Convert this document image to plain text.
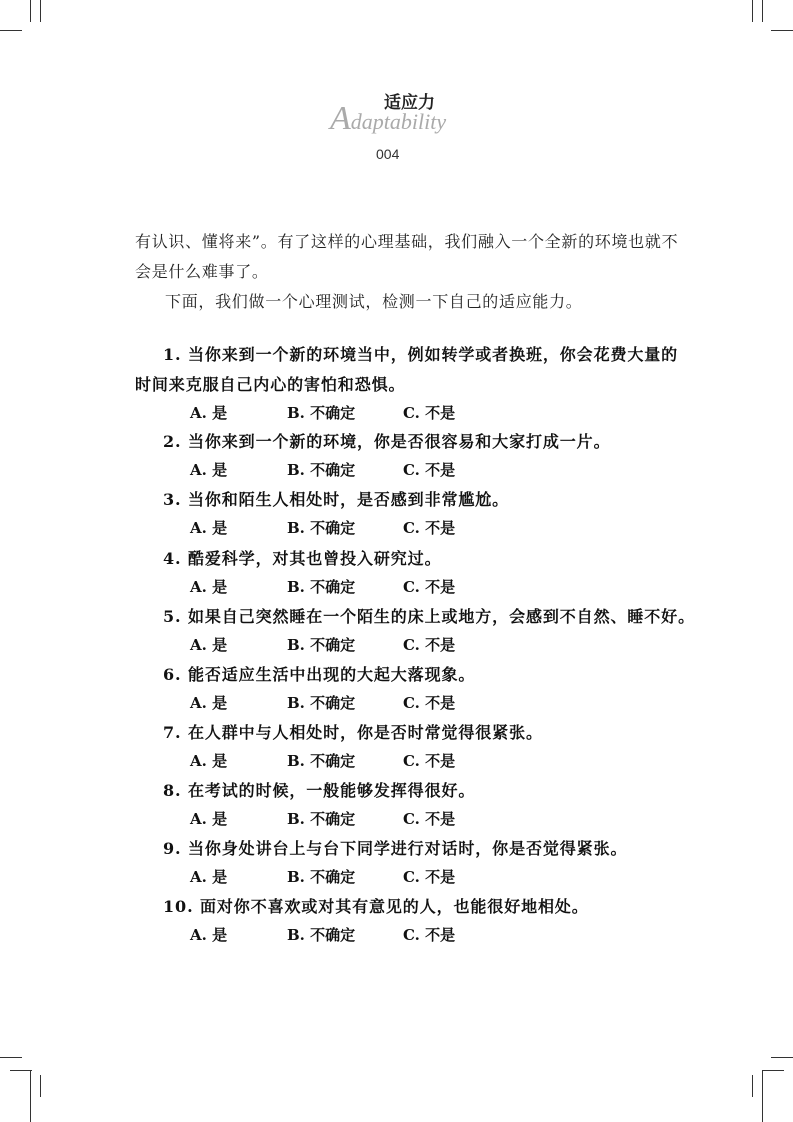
Adaptability
适应力
004
有认识、懂将来”。有了这样的心理基础，我们融入一个全新的环境也就不
会是什么难事了。
下面，我们做一个心理测试，检测一下自己的适应能力。
1. 当你来到一个新的环境当中，例如转学或者换班，你会花费大量的
时间来克服自己内心的害怕和恐惧。
A. 是	B. 不确定	C. 不是
2. 当你来到一个新的环境，你是否很容易和大家打成一片。
A. 是	B. 不确定	C. 不是
3. 当你和陌生人相处时，是否感到非常尴尬。
A. 是	B. 不确定	C. 不是
4. 酷爱科学，对其也曾投入研究过。
A. 是	B. 不确定	C. 不是
5. 如果自己突然睡在一个陌生的床上或地方，会感到不自然、睡不好。
A. 是	B. 不确定	C. 不是
6. 能否适应生活中出现的大起大落现象。
A. 是	B. 不确定	C. 不是
7. 在人群中与人相处时，你是否时常觉得很紧张。
A. 是	B. 不确定	C. 不是
8. 在考试的时候，一般能够发挥得很好。
A. 是	B. 不确定	C. 不是
9. 当你身处讲台上与台下同学进行对话时，你是否觉得紧张。
A. 是	B. 不确定	C. 不是
10. 面对你不喜欢或对其有意见的人，也能很好地相处。
A. 是	B. 不确定	C. 不是
